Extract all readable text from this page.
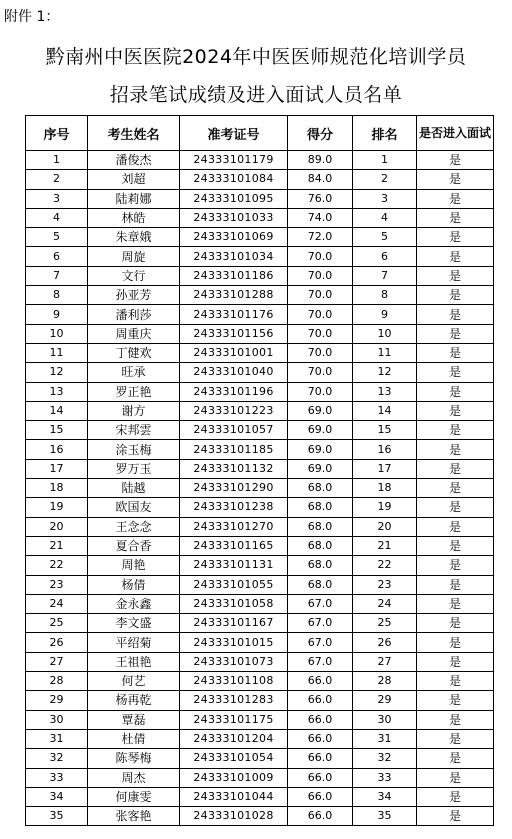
附件 1：
黔南州中医医院2024年中医医师规范化培训学员
招录笔试成绩及进入面试人员名单
序号	考生姓名	准考证号	得分	排名	是否进入面试
1	潘俊杰	24333101179	89.0	1	是
2	刘超	24333101084	84.0	2	是
3	陆莉娜	24333101095	76.0	3	是
4	林皓	24333101033	74.0	4	是
5	朱章娥	24333101069	72.0	5	是
6	周旋	24333101034	70.0	6	是
7	文行	24333101186	70.0	7	是
8	孙亚芳	24333101288	70.0	8	是
9	潘利莎	24333101176	70.0	9	是
10	周重庆	24333101156	70.0	10	是
11	丁健欢	24333101001	70.0	11	是
12	旺承	24333101040	70.0	12	是
13	罗正艳	24333101196	70.0	13	是
14	谢方	24333101223	69.0	14	是
15	宋邦雲	24333101057	69.0	15	是
16	涂玉梅	24333101185	69.0	16	是
17	罗万玉	24333101132	69.0	17	是
18	陆越	24333101290	68.0	18	是
19	欧国友	24333101238	68.0	19	是
20	王念念	24333101270	68.0	20	是
21	夏合香	24333101165	68.0	21	是
22	周艳	24333101131	68.0	22	是
23	杨倩	24333101055	68.0	23	是
24	金永鑫	24333101058	67.0	24	是
25	李文盛	24333101167	67.0	25	是
26	平绍菊	24333101015	67.0	26	是
27	王祖艳	24333101073	67.0	27	是
28	何艺	24333101108	66.0	28	是
29	杨再乾	24333101283	66.0	29	是
30	覃磊	24333101175	66.0	30	是
31	杜倩	24333101204	66.0	31	是
32	陈琴梅	24333101054	66.0	32	是
33	周杰	24333101009	66.0	33	是
34	何康雯	24333101044	66.0	34	是
35	张客艳	24333101028	66.0	35	是
